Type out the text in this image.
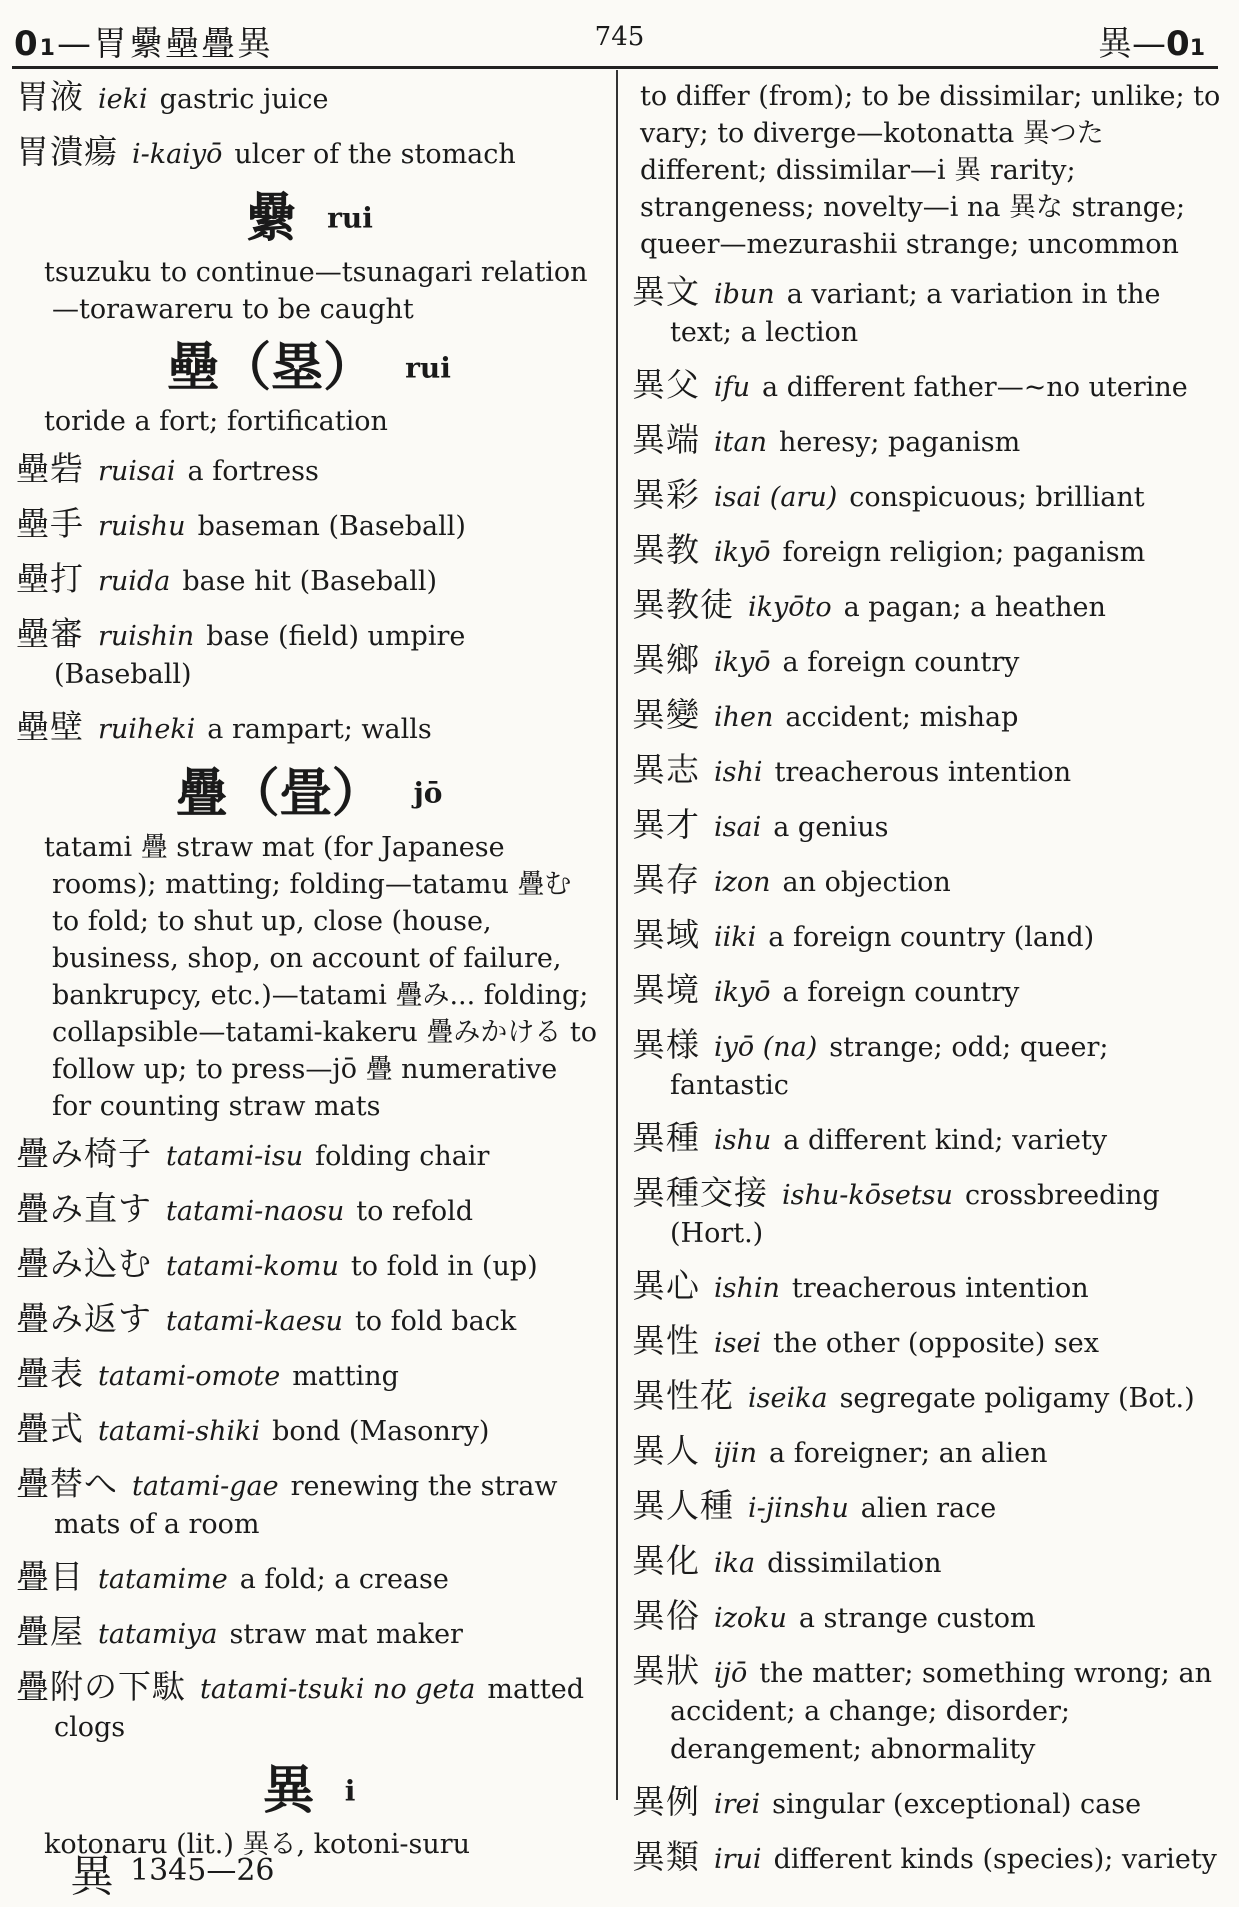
01—胃纍壘疊異	745	異—01

胃液 ieki gastric juice

胃潰瘍 i-kaiyō ulcer of the stomach

纍 rui

tsuzuku to continue—tsunagari relation—torawareru to be caught

壘（塁） rui

toride a fort; fortification

壘砦 ruisai a fortress

壘手 ruishu baseman (Baseball)

壘打 ruida base hit (Baseball)

壘審 ruishin base (field) umpire (Baseball)

壘壁 ruiheki a rampart; walls

疊（畳） jō

tatami 疊 straw mat (for Japanese rooms); matting; folding—tatamu 疊む to fold; to shut up, close (house, business, shop, on account of failure, bankrupcy, etc.)—tatami 疊み... folding; collapsible—tatami-kakeru 疊みかける to follow up; to press—jō 疊 numerative for counting straw mats

疊み椅子 tatami-isu folding chair

疊み直す tatami-naosu to refold

疊み込む tatami-komu to fold in (up)

疊み返す tatami-kaesu to fold back

疊表 tatami-omote matting

疊式 tatami-shiki bond (Masonry)

疊替へ tatami-gae renewing the straw mats of a room

疊目 tatamime a fold; a crease

疊屋 tatamiya straw mat maker

疊附の下駄 tatami-tsuki no geta matted clogs

異 i

kotonaru (lit.) 異る, kotoni-suru

to differ (from); to be dissimilar; unlike; to vary; to diverge—kotonatta 異つた different; dissimilar—i 異 rarity; strangeness; novelty—i na 異な strange; queer—mezurashii strange; uncommon

異文 ibun a variant; a variation in the text; a lection

異父 ifu a different father—~no uterine

異端 itan heresy; paganism

異彩 isai (aru) conspicuous; brilliant

異教 ikyō foreign religion; paganism

異教徒 ikyōto a pagan; a heathen

異鄉 ikyō a foreign country

異變 ihen accident; mishap

異志 ishi treacherous intention

異才 isai a genius

異存 izon an objection

異域 iiki a foreign country (land)

異境 ikyō a foreign country

異様 iyō (na) strange; odd; queer; fantastic

異種 ishu a different kind; variety

異種交接 ishu-kōsetsu crossbreeding (Hort.)

異心 ishin treacherous intention

異性 isei the other (opposite) sex

異性花 iseika segregate poligamy (Bot.)

異人 ijin a foreigner; an alien

異人種 i-jinshu alien race

異化 ika dissimilation

異俗 izoku a strange custom

異狀 ijō the matter; something wrong; an accident; a change; disorder; derangement; abnormality

異例 irei singular (exceptional) case

異類 irui different kinds (species); variety

異 1345—26
